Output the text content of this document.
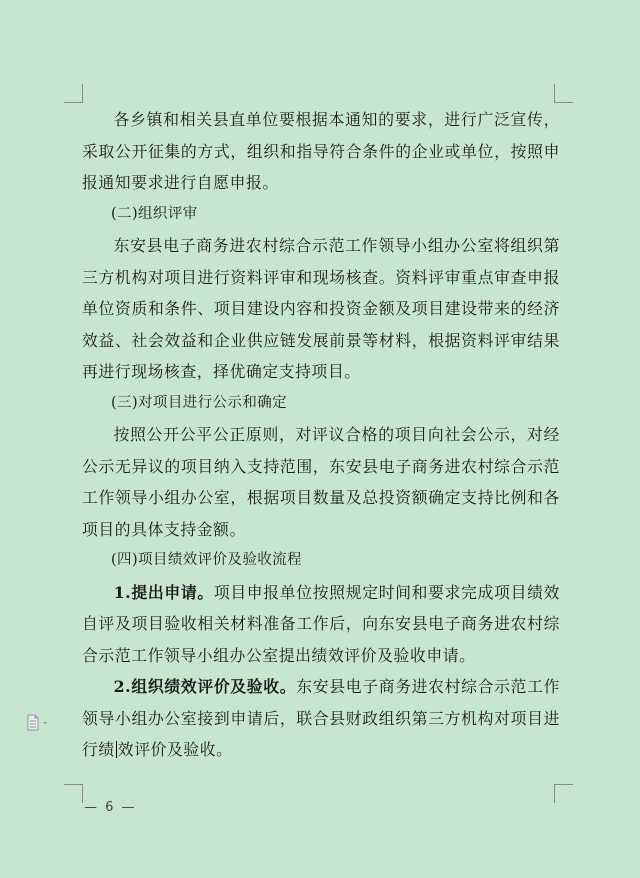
各乡镇和相关县直单位要根据本通知的要求，进行广泛宣传，采取公开征集的方式，组织和指导符合条件的企业或单位，按照申报通知要求进行自愿申报。

(二)组织评审

东安县电子商务进农村综合示范工作领导小组办公室将组织第三方机构对项目进行资料评审和现场核查。资料评审重点审查申报单位资质和条件、项目建设内容和投资金额及项目建设带来的经济效益、社会效益和企业供应链发展前景等材料，根据资料评审结果再进行现场核查，择优确定支持项目。

(三)对项目进行公示和确定

按照公开公平公正原则，对评议合格的项目向社会公示，对经公示无异议的项目纳入支持范围，东安县电子商务进农村综合示范工作领导小组办公室，根据项目数量及总投资额确定支持比例和各项目的具体支持金额。

(四)项目绩效评价及验收流程

1.提出申请。项目申报单位按照规定时间和要求完成项目绩效自评及项目验收相关材料准备工作后，向东安县电子商务进农村综合示范工作领导小组办公室提出绩效评价及验收申请。

2.组织绩效评价及验收。东安县电子商务进农村综合示范工作领导小组办公室接到申请后，联合县财政组织第三方机构对项目进行绩 效评价及验收。

— 6 —
